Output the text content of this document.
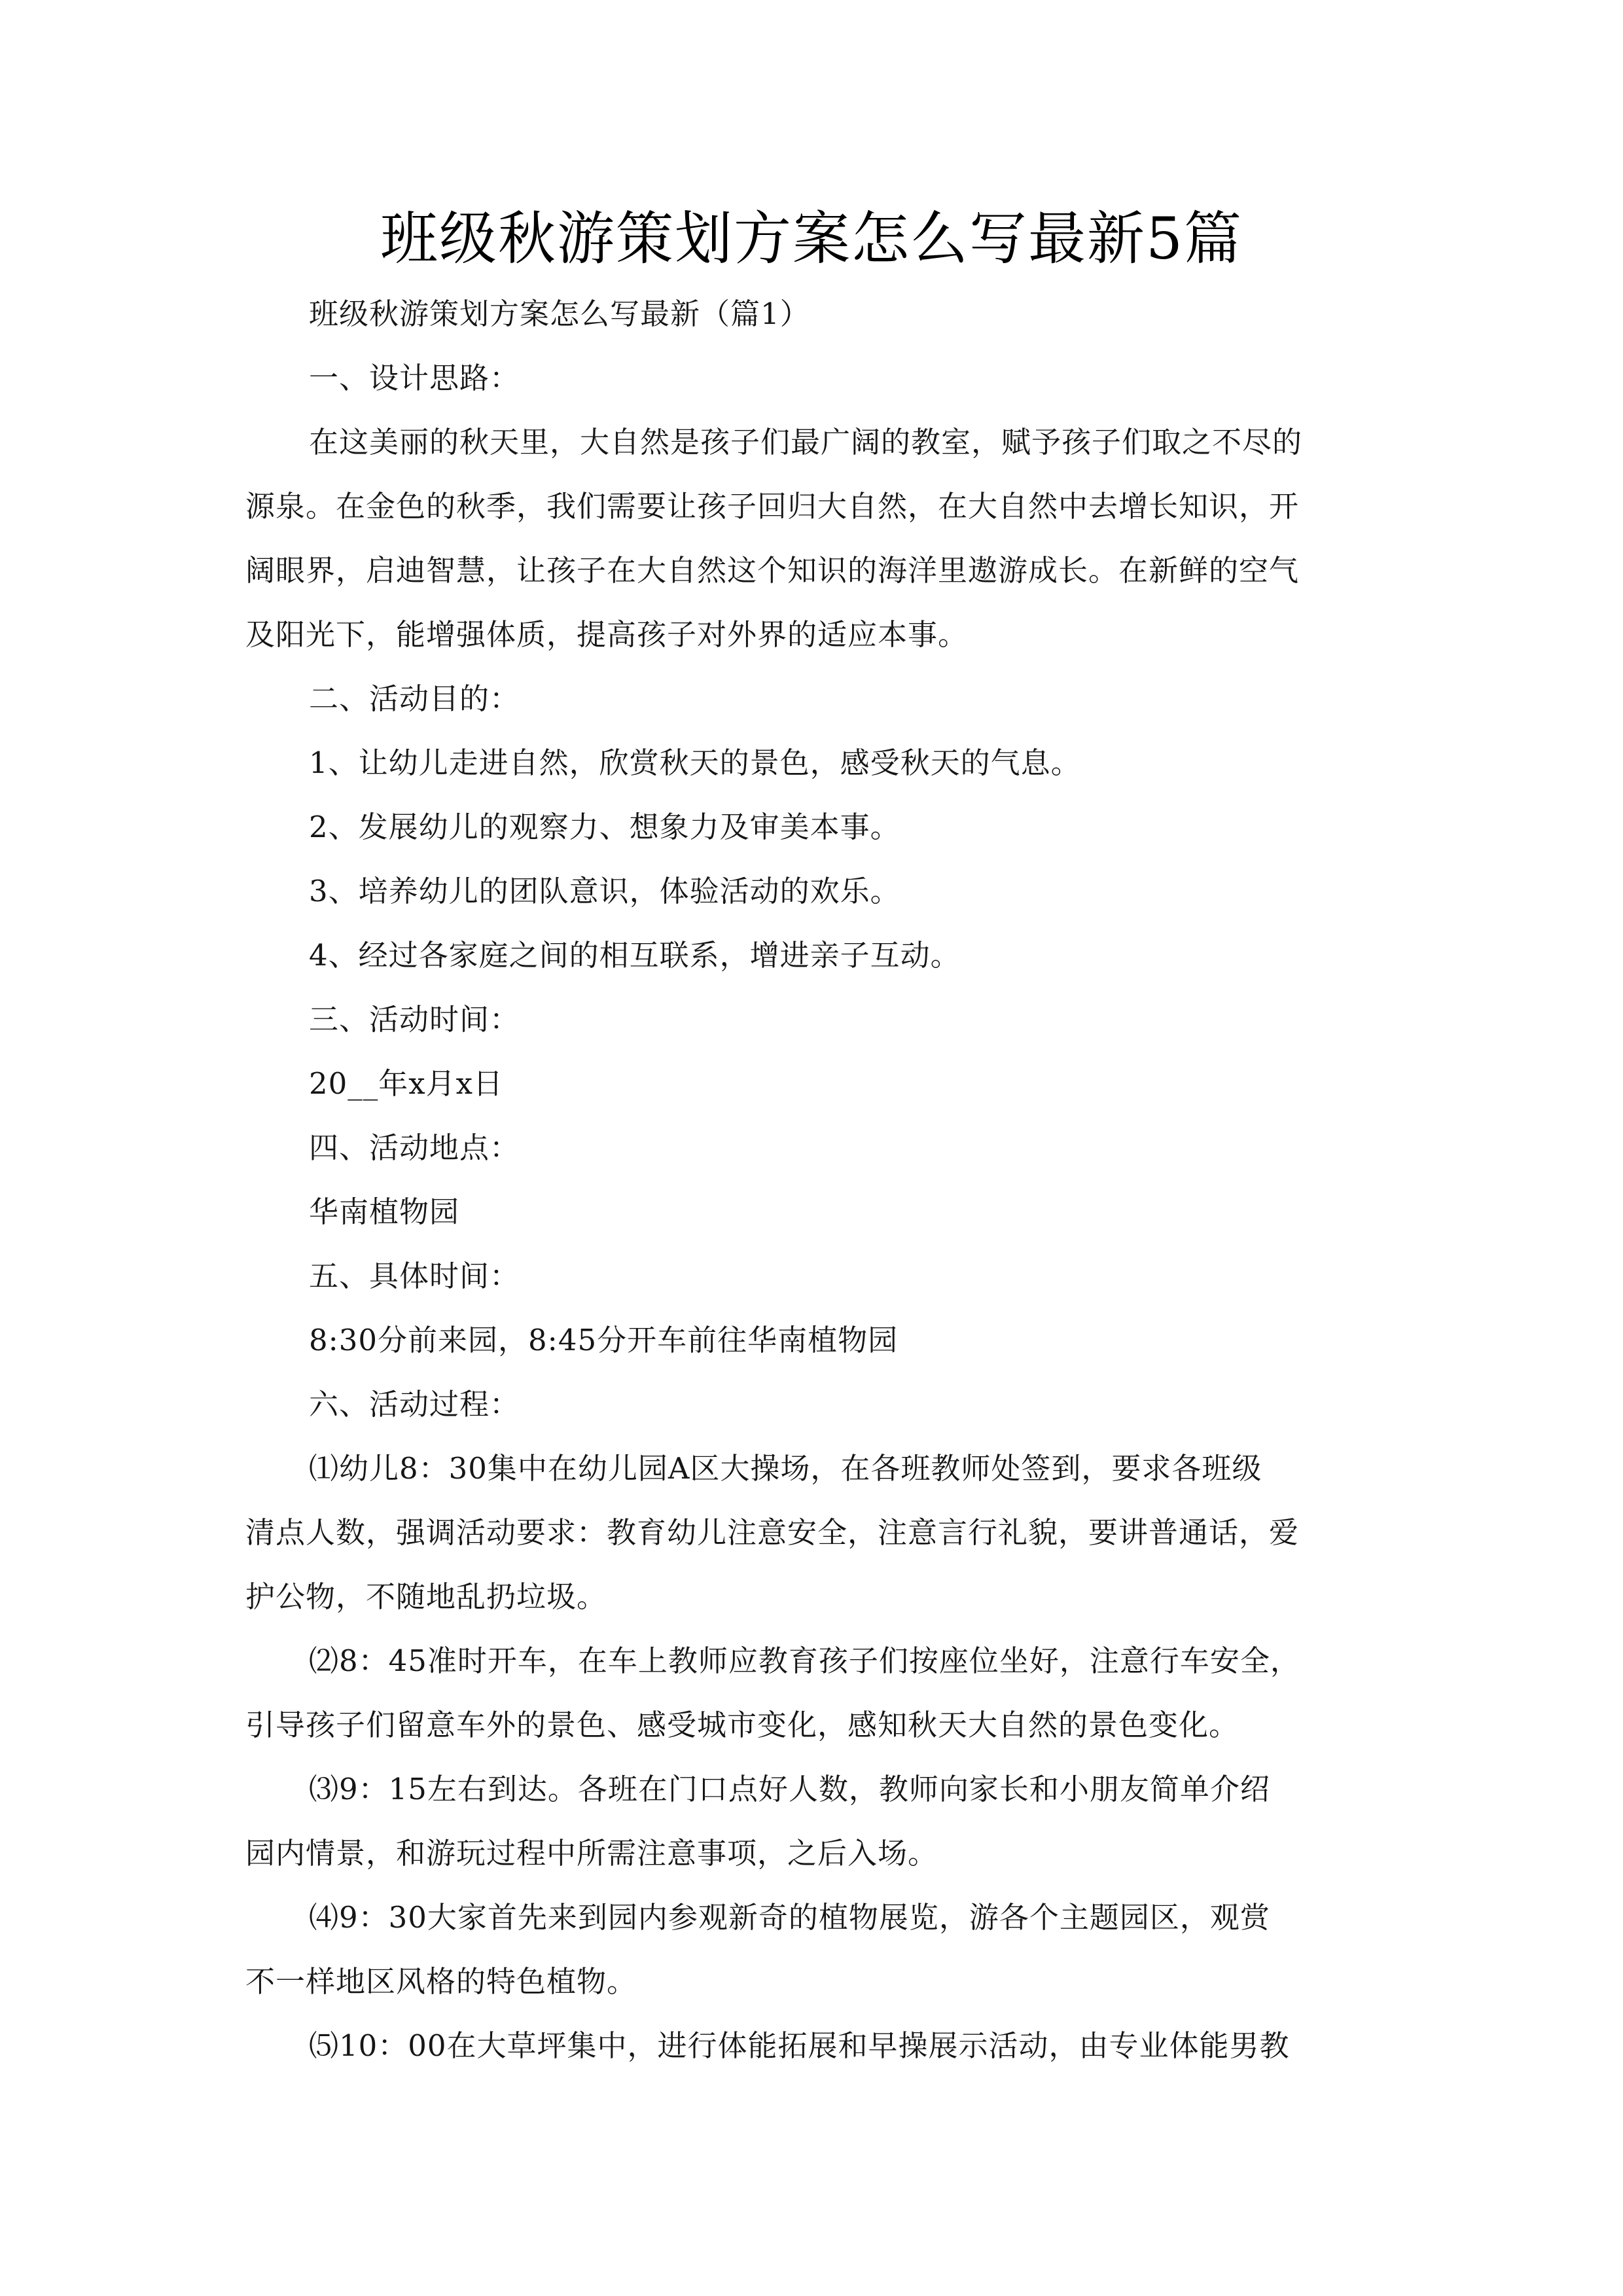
班级秋游策划方案怎么写最新5篇
班级秋游策划方案怎么写最新（篇1）
一、设计思路：
在这美丽的秋天里，大自然是孩子们最广阔的教室，赋予孩子们取之不尽的
源泉。在金色的秋季，我们需要让孩子回归大自然，在大自然中去增长知识，开
阔眼界，启迪智慧，让孩子在大自然这个知识的海洋里遨游成长。在新鲜的空气
及阳光下，能增强体质，提高孩子对外界的适应本事。
二、活动目的：
1、让幼儿走进自然，欣赏秋天的景色，感受秋天的气息。
2、发展幼儿的观察力、想象力及审美本事。
3、培养幼儿的团队意识，体验活动的欢乐。
4、经过各家庭之间的相互联系，增进亲子互动。
三、活动时间：
20__年x月x日
四、活动地点：
华南植物园
五、具体时间：
8:30分前来园，8:45分开车前往华南植物园
六、活动过程：
⑴幼儿8：30集中在幼儿园A区大操场，在各班教师处签到，要求各班级
清点人数，强调活动要求：教育幼儿注意安全，注意言行礼貌，要讲普通话，爱
护公物，不随地乱扔垃圾。
⑵8：45准时开车，在车上教师应教育孩子们按座位坐好，注意行车安全，
引导孩子们留意车外的景色、感受城市变化，感知秋天大自然的景色变化。
⑶9：15左右到达。各班在门口点好人数，教师向家长和小朋友简单介绍
园内情景，和游玩过程中所需注意事项，之后入场。
⑷9：30大家首先来到园内参观新奇的植物展览，游各个主题园区，观赏
不一样地区风格的特色植物。
⑸10：00在大草坪集中，进行体能拓展和早操展示活动，由专业体能男教
